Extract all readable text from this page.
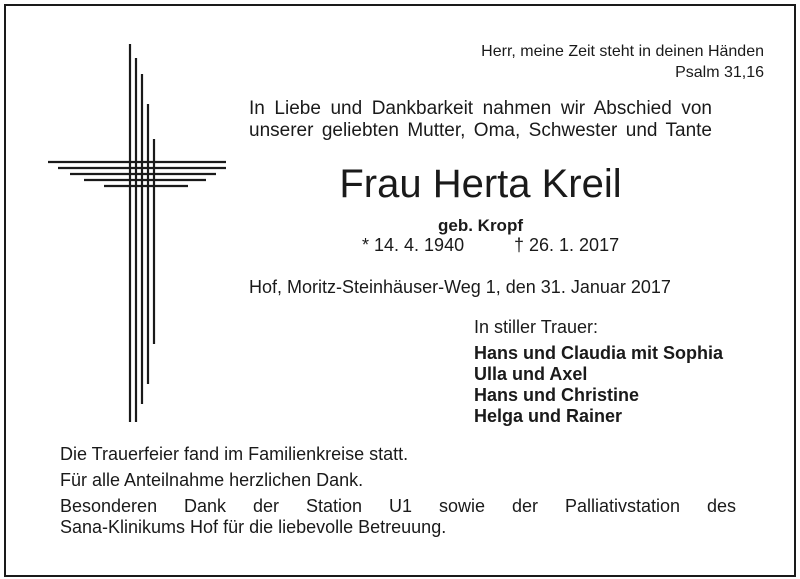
Herr, meine Zeit steht in deinen Händen
Psalm 31,16
In Liebe und Dankbarkeit nahmen wir Abschied von
unserer geliebten Mutter, Oma, Schwester und Tante
Frau Herta Kreil
geb. Kropf
* 14. 4. 1940	† 26. 1. 2017
Hof, Moritz-Steinhäuser-Weg 1, den 31. Januar 2017
In stiller Trauer:
Hans und Claudia mit Sophia
Ulla und Axel
Hans und Christine
Helga und Rainer
Die Trauerfeier fand im Familienkreise statt.
Für alle Anteilnahme herzlichen Dank.
Besonderen Dank der Station U1 sowie der Palliativstation des
Sana-Klinikums Hof für die liebevolle Betreuung.
